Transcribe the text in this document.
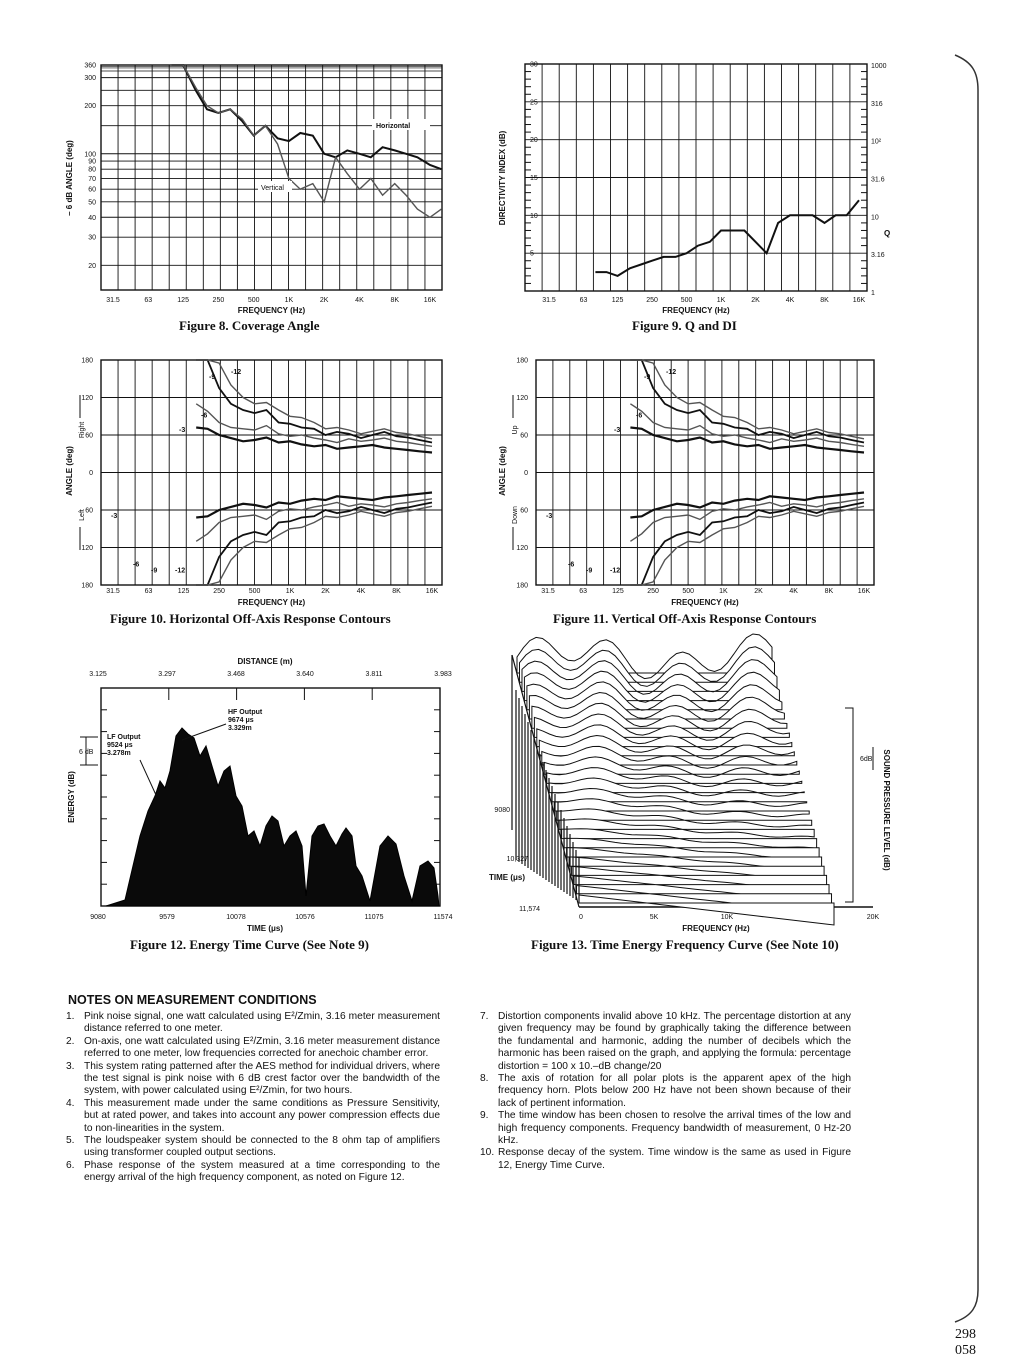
360
300
200
100
90
80
70
60
50
40
30
20
31.5	63	125	250	500	1K	2K	4K	8K	16K
FREQUENCY (Hz)
– 6 dB ANGLE (deg)
Horizontal
Vertical
30
25
20
15
10
5
1000
316
10²
31.6
10
3.16
1
Q
31.5	63	125	250	500	1K	2K	4K	8K	16K
FREQUENCY (Hz)
DIRECTIVITY INDEX (dB)
180
120
60
0
60
120
180
31.5	63	125	250	500	1K	2K	4K	8K	16K
FREQUENCY (Hz)
ANGLE (deg)
Right
Left
-3
-6
-9
-12
-3
-6
-9	-12
180
120
60
0
60
120
180
31.5	63	125	250	500	1K	2K	4K	8K	16K
FREQUENCY (Hz)
ANGLE (deg)
Up
Down
-3
-6
-9
-12
-3
-6
-9	-12
9080	9579	10078	10576	11075	11574
3.125	3.297	3.468	3.640	3.811	3.983
DISTANCE (m)
TIME (μs)
ENERGY (dB)
6 dB
LF Output
9524 μs
3.278m
HF Output
9674 μs
3.329m
0	5K	10K	20K
FREQUENCY (Hz)
9080
10,327
11,574
TIME (μs)
SOUND PRESSURE LEVEL (dB)
6dB
Figure 8. Coverage Angle	Figure 9. Q and DI
Figure 10. Horizontal Off-Axis Response Contours	Figure 11. Vertical Off-Axis Response Contours
Figure 12. Energy Time Curve (See Note 9)	Figure 13. Time Energy Frequency Curve (See Note 10)
NOTES ON MEASUREMENT CONDITIONS
1. Pink noise signal, one watt calculated using E²/Zmin, 3.16 meter measurement distance referred to one meter.
2. On-axis, one watt calculated using E²/Zmin, 3.16 meter measurement distance referred to one meter, low frequencies corrected for anechoic chamber error.
3. This system rating patterned after the AES method for individual drivers, where the test signal is pink noise with 6 dB crest factor over the bandwidth of the system, with power calculated using E²/Zmin, for two hours.
4. This measurement made under the same conditions as Pressure Sensitivity, but at rated power, and takes into account any power compression effects due to non-linearities in the system.
5. The loudspeaker system should be connected to the 8 ohm tap of amplifiers using transformer coupled output sections.
6. Phase response of the system measured at a time corresponding to the energy arrival of the high frequency component, as noted on Figure 12.
7. Distortion components invalid above 10 kHz. The percentage distortion at any given frequency may be found by graphically taking the difference between the fundamental and harmonic, adding the number of decibels which the harmonic has been raised on the graph, and applying the formula: percentage distortion = 100 x 10.–dB change/20
8. The axis of rotation for all polar plots is the apparent apex of the high frequency horn. Plots below 200 Hz have not been shown because of their lack of pertinent information.
9. The time window has been chosen to resolve the arrival times of the low and high frequency components. Frequency bandwidth of measurement, 0 Hz-20 kHz.
10. Response decay of the system. Time window is the same as used in Figure 12, Energy Time Curve.
298
058
